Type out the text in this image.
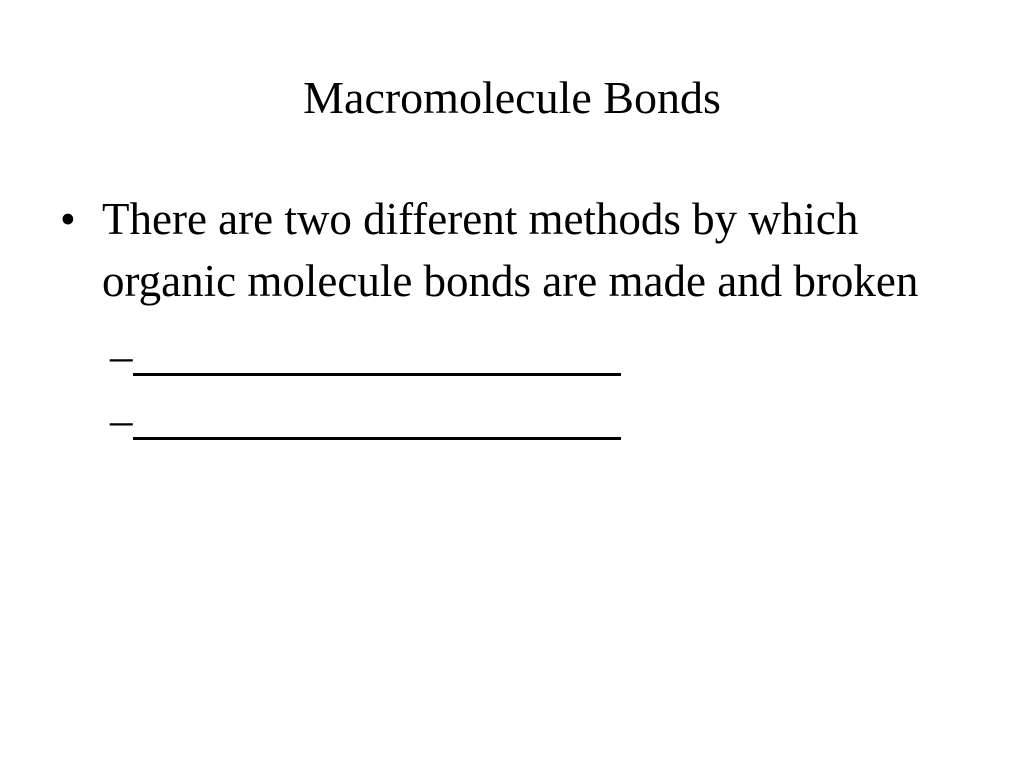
Macromolecule Bonds
• There are two different methods by which organic molecule bonds are made and broken
–
–
